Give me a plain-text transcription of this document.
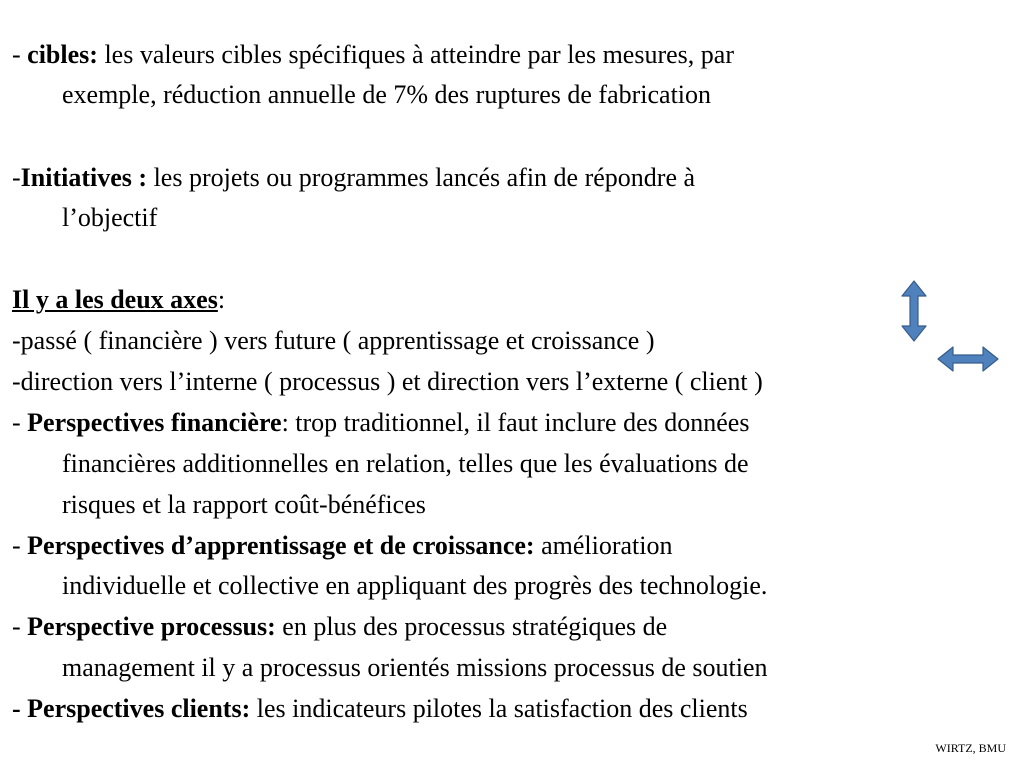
- cibles: les valeurs cibles spécifiques à atteindre par les mesures, par
exemple, réduction annuelle de 7% des ruptures de fabrication
-Initiatives : les projets ou programmes lancés afin de répondre à
l’objectif
Il y a les deux axes:
-passé ( financière ) vers future ( apprentissage et croissance )
-direction vers l’interne ( processus ) et direction vers l’externe ( client )
- Perspectives financière: trop traditionnel, il faut inclure des données
financières additionnelles en relation, telles que les évaluations de
risques et la rapport coût-bénéfices
- Perspectives d’apprentissage et de croissance: amélioration
individuelle et collective en appliquant des progrès des technologie.
- Perspective processus: en plus des processus stratégiques de
management il y a processus orientés missions processus de soutien
- Perspectives clients: les indicateurs pilotes la satisfaction des clients
WIRTZ, BMU
